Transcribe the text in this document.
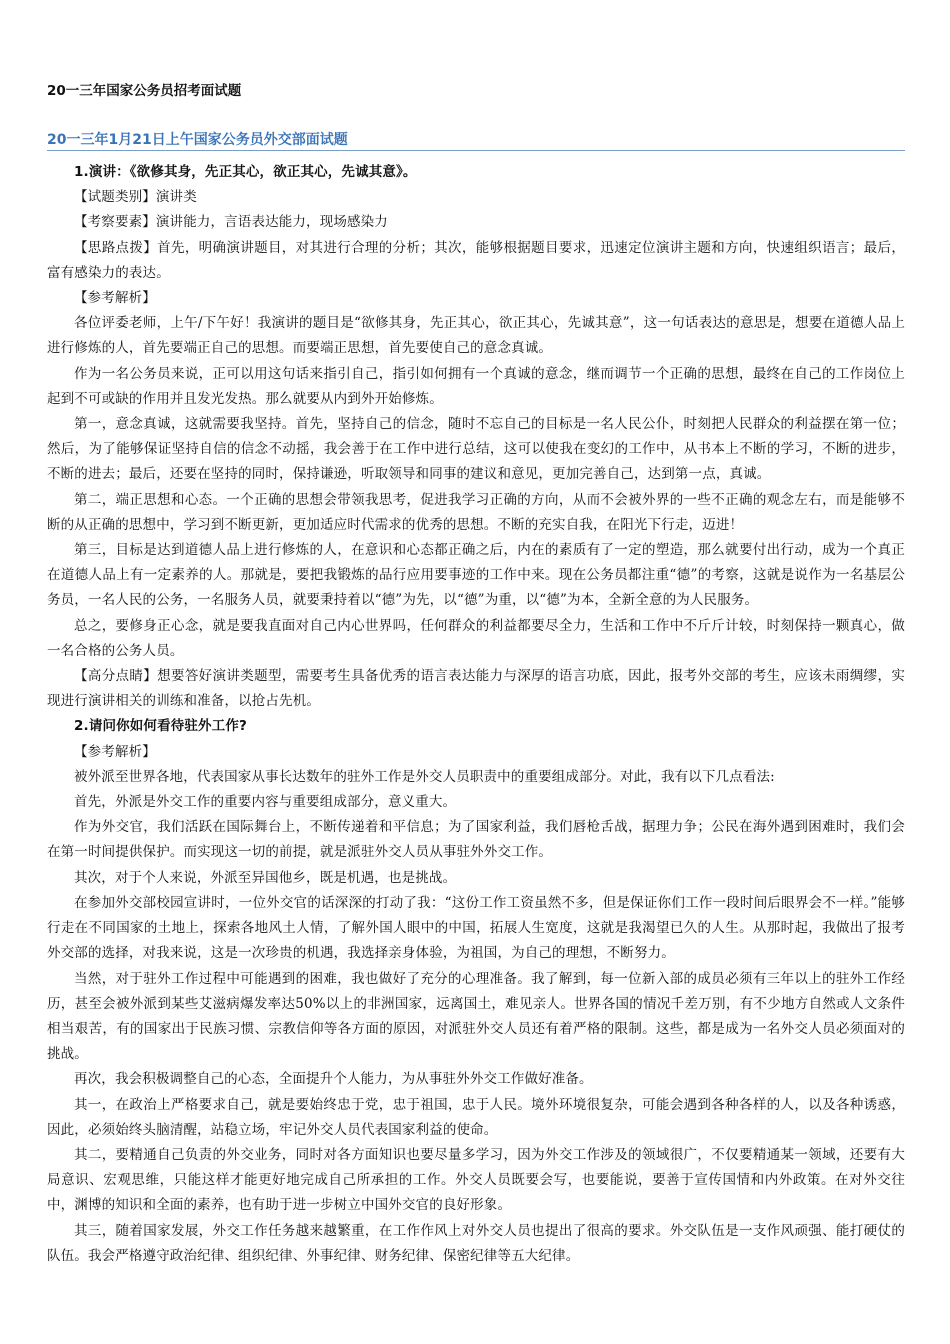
20一三年国家公务员招考面试题
20一三年1月21日上午国家公务员外交部面试题

1.演讲：《欲修其身，先正其心，欲正其心，先诚其意》。

【试题类别】演讲类

【考察要素】演讲能力，言语表达能力，现场感染力

【思路点拨】首先，明确演讲题目，对其进行合理的分析；其次，能够根据题目要求，迅速定位演讲主题和方向，快速组织语言；最后，富有感染力的表达。

【参考解析】

各位评委老师，上午/下午好！我演讲的题目是“欲修其身，先正其心，欲正其心，先诚其意”，这一句话表达的意思是，想要在道德人品上进行修炼的人，首先要端正自己的思想。而要端正思想，首先要使自己的意念真诚。

作为一名公务员来说，正可以用这句话来指引自己，指引如何拥有一个真诚的意念，继而调节一个正确的思想，最终在自己的工作岗位上起到不可或缺的作用并且发光发热。那么就要从内到外开始修炼。

第一，意念真诚，这就需要我坚持。首先，坚持自己的信念，随时不忘自己的目标是一名人民公仆，时刻把人民群众的利益摆在第一位；然后，为了能够保证坚持自信的信念不动摇，我会善于在工作中进行总结，这可以使我在变幻的工作中，从书本上不断的学习，不断的进步，不断的进去；最后，还要在坚持的同时，保持谦逊，听取领导和同事的建议和意见，更加完善自己，达到第一点，真诚。

第二，端正思想和心态。一个正确的思想会带领我思考，促进我学习正确的方向，从而不会被外界的一些不正确的观念左右，而是能够不断的从正确的思想中，学习到不断更新，更加适应时代需求的优秀的思想。不断的充实自我，在阳光下行走，迈进！

第三，目标是达到道德人品上进行修炼的人，在意识和心态都正确之后，内在的素质有了一定的塑造，那么就要付出行动，成为一个真正在道德人品上有一定素养的人。那就是，要把我锻炼的品行应用要事迹的工作中来。现在公务员都注重“德”的考察，这就是说作为一名基层公务员，一名人民的公务，一名服务人员，就要秉持着以“德”为先，以“德”为重，以“德”为本，全新全意的为人民服务。

总之，要修身正心念，就是要我直面对自己内心世界吗，任何群众的利益都要尽全力，生活和工作中不斤斤计较，时刻保持一颗真心，做一名合格的公务人员。

【高分点睛】想要答好演讲类题型，需要考生具备优秀的语言表达能力与深厚的语言功底，因此，报考外交部的考生，应该未雨绸缪，实现进行演讲相关的训练和准备，以抢占先机。

2.请问你如何看待驻外工作?

【参考解析】

被外派至世界各地，代表国家从事长达数年的驻外工作是外交人员职责中的重要组成部分。对此，我有以下几点看法:

首先，外派是外交工作的重要内容与重要组成部分，意义重大。

作为外交官，我们活跃在国际舞台上，不断传递着和平信息；为了国家利益，我们唇枪舌战，据理力争；公民在海外遇到困难时，我们会在第一时间提供保护。而实现这一切的前提，就是派驻外交人员从事驻外外交工作。

其次，对于个人来说，外派至异国他乡，既是机遇，也是挑战。

在参加外交部校园宣讲时，一位外交官的话深深的打动了我：“这份工作工资虽然不多，但是保证你们工作一段时间后眼界会不一样。”能够行走在不同国家的土地上，探索各地风土人情，了解外国人眼中的中国，拓展人生宽度，这就是我渴望已久的人生。从那时起，我做出了报考外交部的选择，对我来说，这是一次珍贵的机遇，我选择亲身体验，为祖国，为自己的理想，不断努力。

当然，对于驻外工作过程中可能遇到的困难，我也做好了充分的心理准备。我了解到，每一位新入部的成员必须有三年以上的驻外工作经历，甚至会被外派到某些艾滋病爆发率达50%以上的非洲国家，远离国土，难见亲人。世界各国的情况千差万别，有不少地方自然或人文条件相当艰苦，有的国家出于民族习惯、宗教信仰等各方面的原因，对派驻外交人员还有着严格的限制。这些，都是成为一名外交人员必须面对的挑战。

再次，我会积极调整自己的心态，全面提升个人能力，为从事驻外外交工作做好准备。

其一，在政治上严格要求自己，就是要始终忠于党，忠于祖国，忠于人民。境外环境很复杂，可能会遇到各种各样的人，以及各种诱惑，因此，必须始终头脑清醒，站稳立场，牢记外交人员代表国家利益的使命。

其二，要精通自己负责的外交业务，同时对各方面知识也要尽量多学习，因为外交工作涉及的领域很广，不仅要精通某一领域，还要有大局意识、宏观思维，只能这样才能更好地完成自己所承担的工作。外交人员既要会写，也要能说，要善于宣传国情和内外政策。在对外交往中，渊博的知识和全面的素养，也有助于进一步树立中国外交官的良好形象。

其三，随着国家发展，外交工作任务越来越繁重，在工作作风上对外交人员也提出了很高的要求。外交队伍是一支作风顽强、能打硬仗的队伍。我会严格遵守政治纪律、组织纪律、外事纪律、财务纪律、保密纪律等五大纪律。
